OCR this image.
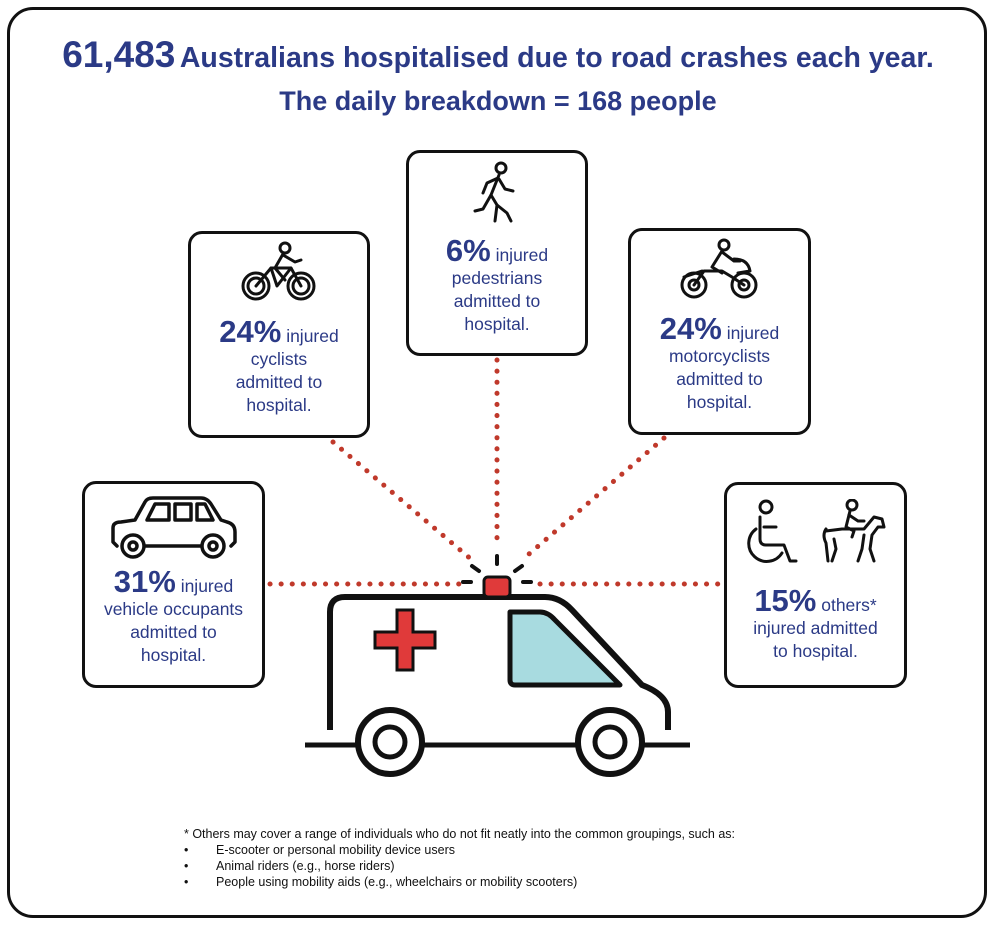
61,483 Australians hospitalised due to road crashes each year.
The daily breakdown = 168 people
6% injured
pedestrians
admitted to
hospital.
24% injured
cyclists
admitted to
hospital.
24% injured
motorcyclists
admitted to
hospital.
31% injured
vehicle occupants
admitted to
hospital.
15% others*
injured admitted
to hospital.
* Others may cover a range of individuals who do not fit neatly into the common groupings, such as:
•	E-scooter or personal mobility device users
•	Animal riders (e.g., horse riders)
•	People using mobility aids (e.g., wheelchairs or mobility scooters)
